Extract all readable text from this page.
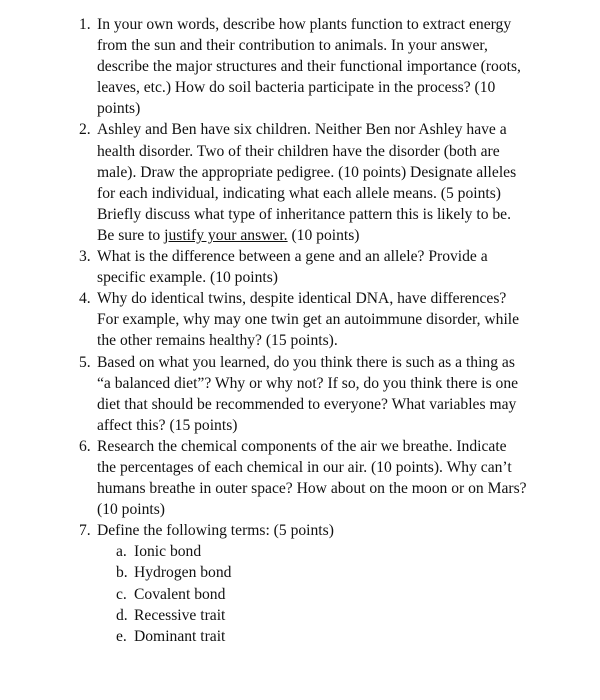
1. In your own words, describe how plants function to extract energy from the sun and their contribution to animals. In your answer, describe the major structures and their functional importance (roots, leaves, etc.) How do soil bacteria participate in the process? (10 points)
2. Ashley and Ben have six children. Neither Ben nor Ashley have a health disorder. Two of their children have the disorder (both are male). Draw the appropriate pedigree. (10 points) Designate alleles for each individual, indicating what each allele means. (5 points) Briefly discuss what type of inheritance pattern this is likely to be. Be sure to justify your answer. (10 points)
3. What is the difference between a gene and an allele? Provide a specific example. (10 points)
4. Why do identical twins, despite identical DNA, have differences? For example, why may one twin get an autoimmune disorder, while the other remains healthy? (15 points).
5. Based on what you learned, do you think there is such as a thing as “a balanced diet”? Why or why not? If so, do you think there is one diet that should be recommended to everyone? What variables may affect this? (15 points)
6. Research the chemical components of the air we breathe. Indicate the percentages of each chemical in our air. (10 points). Why can’t humans breathe in outer space? How about on the moon or on Mars? (10 points)
7. Define the following terms: (5 points)
a. Ionic bond
b. Hydrogen bond
c. Covalent bond
d. Recessive trait
e. Dominant trait
